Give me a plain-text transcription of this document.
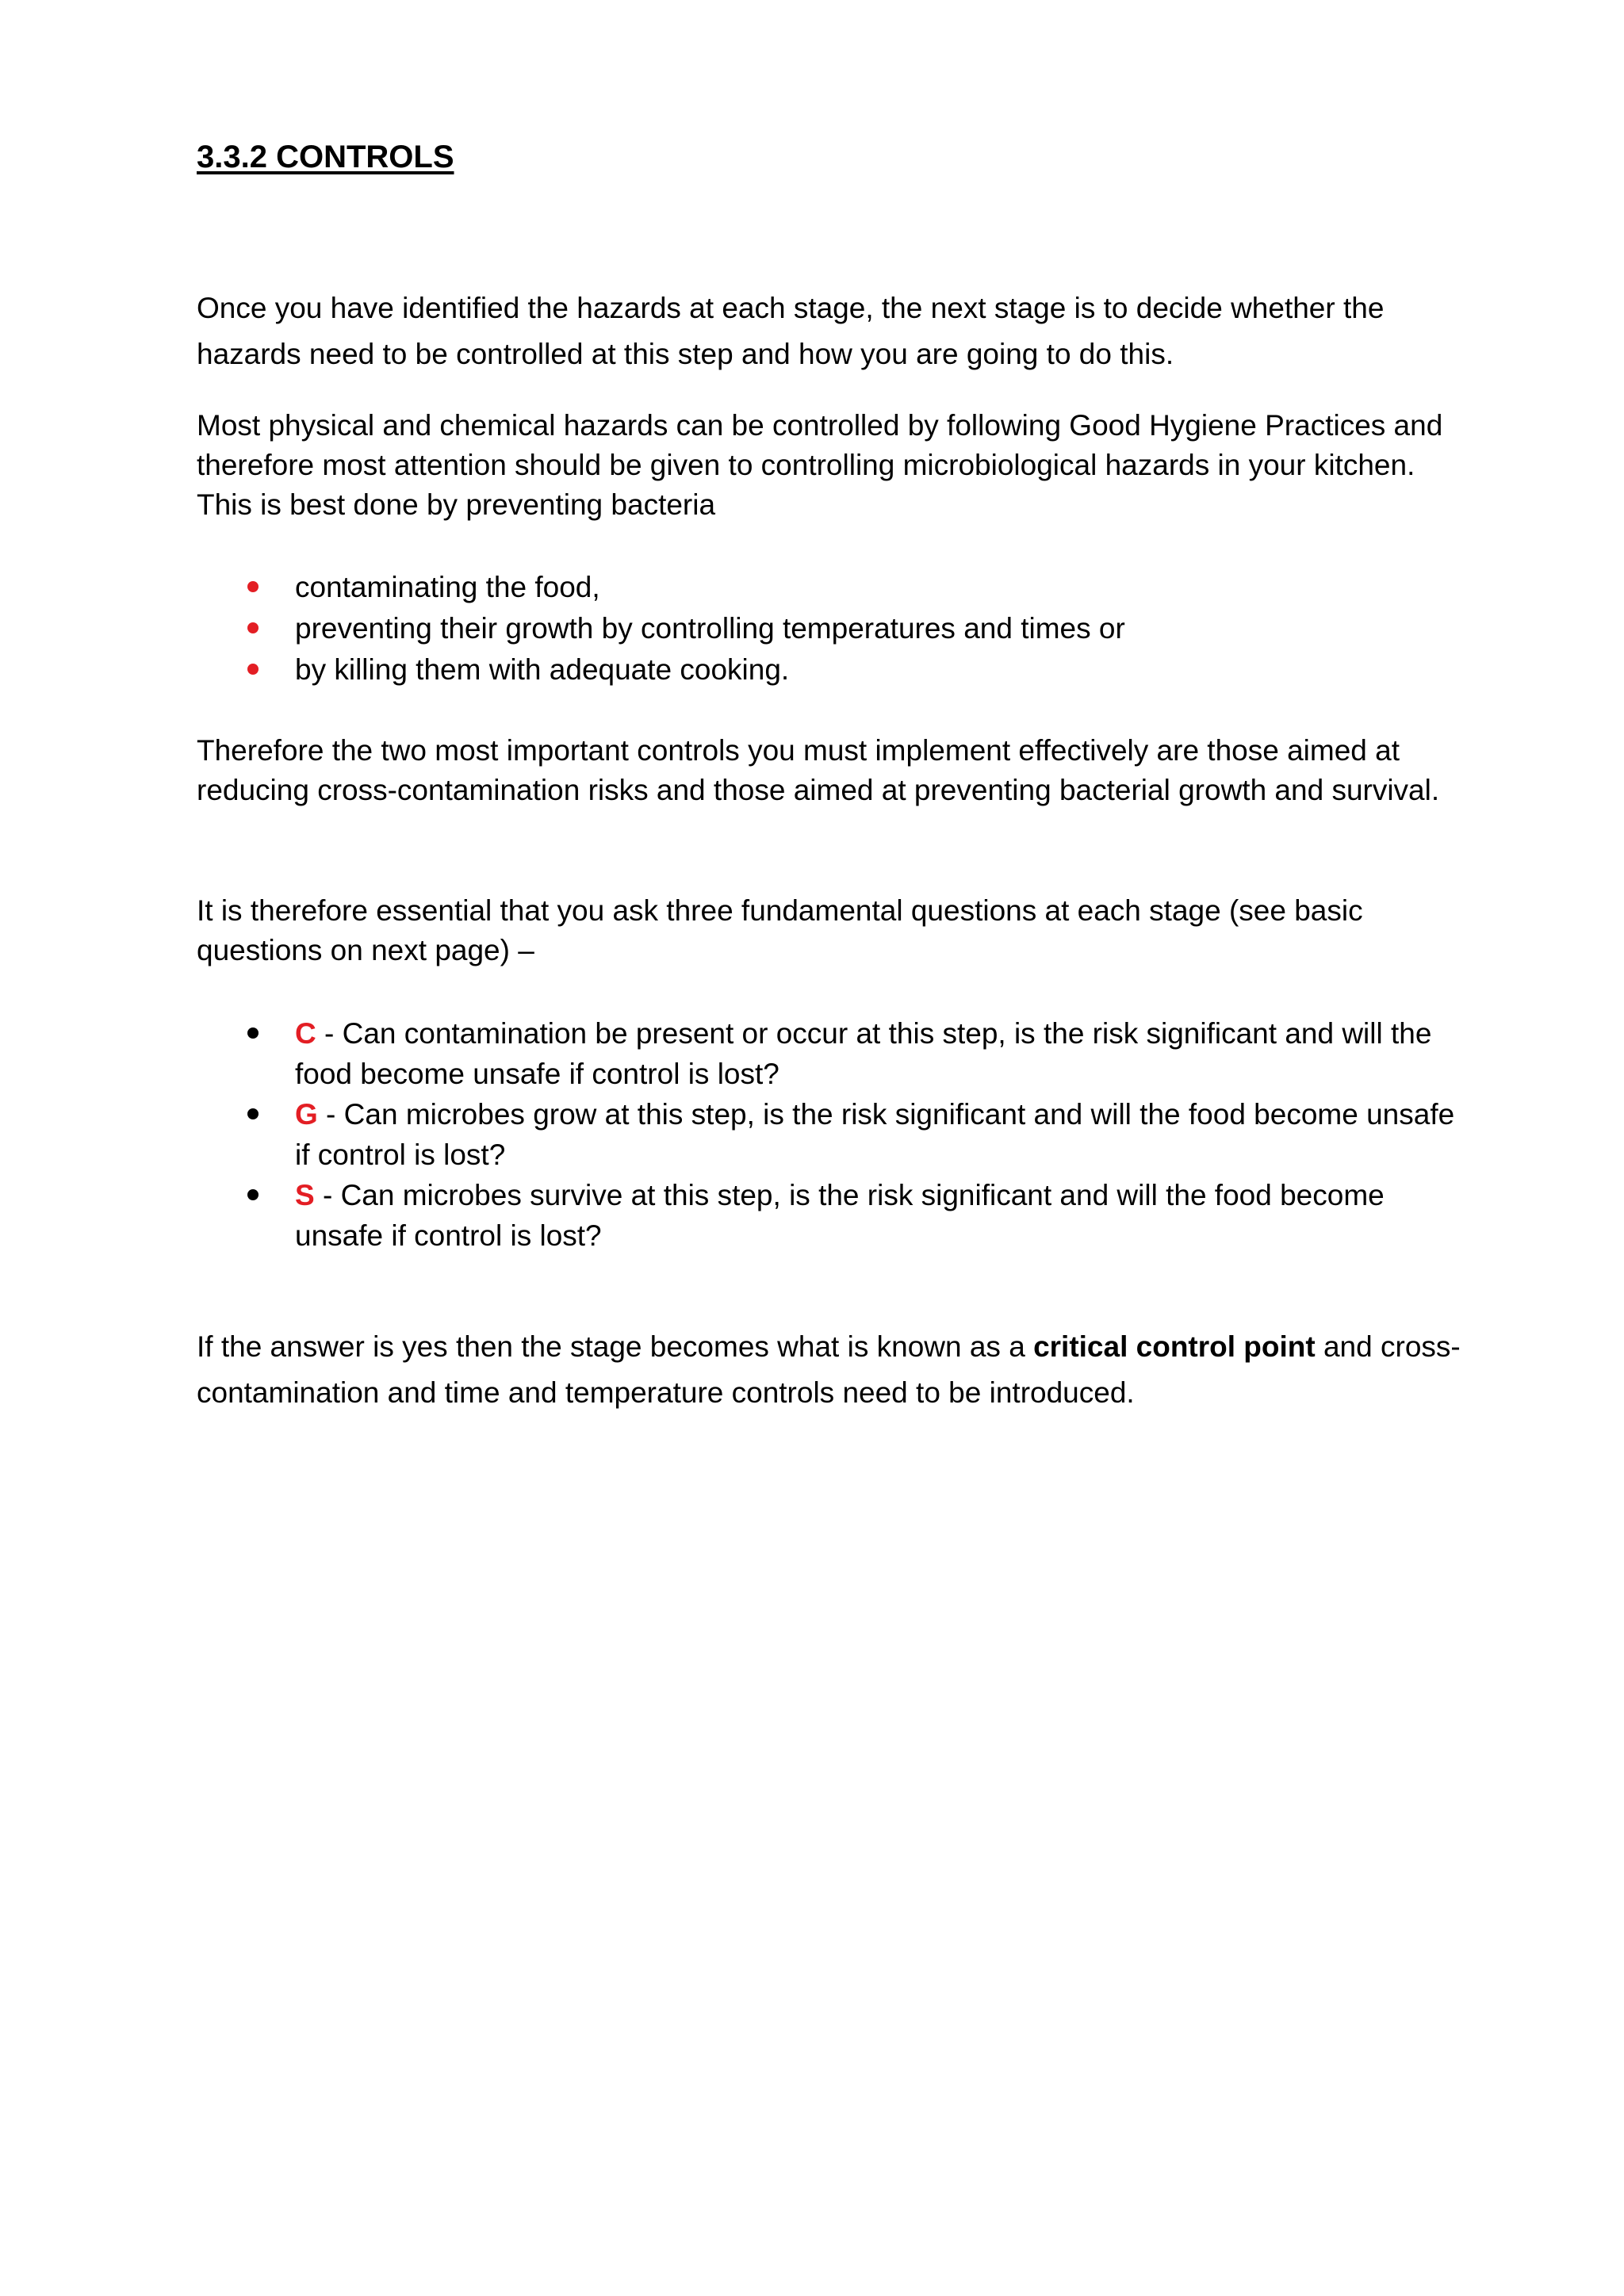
3.3.2 CONTROLS

Once you have identified the hazards at each stage, the next stage is to decide whether the hazards need to be controlled at this step and how you are going to do this.

Most physical and chemical hazards can be controlled by following Good Hygiene Practices and therefore most attention should be given to controlling microbiological hazards in your kitchen. This is best done by preventing bacteria

contaminating the food,
preventing their growth by controlling temperatures and times or
by killing them with adequate cooking.

Therefore the two most important controls you must implement effectively are those aimed at reducing cross-contamination risks and those aimed at preventing bacterial growth and survival.

It is therefore essential that you ask three fundamental questions at each stage (see basic questions on next page) –

C - Can contamination be present or occur at this step, is the risk significant and will the food become unsafe if control is lost?
G - Can microbes grow at this step, is the risk significant and will the food become unsafe if control is lost?
S - Can microbes survive at this step, is the risk significant and will the food become unsafe if control is lost?

If the answer is yes then the stage becomes what is known as a critical control point and cross-contamination and time and temperature controls need to be introduced.
